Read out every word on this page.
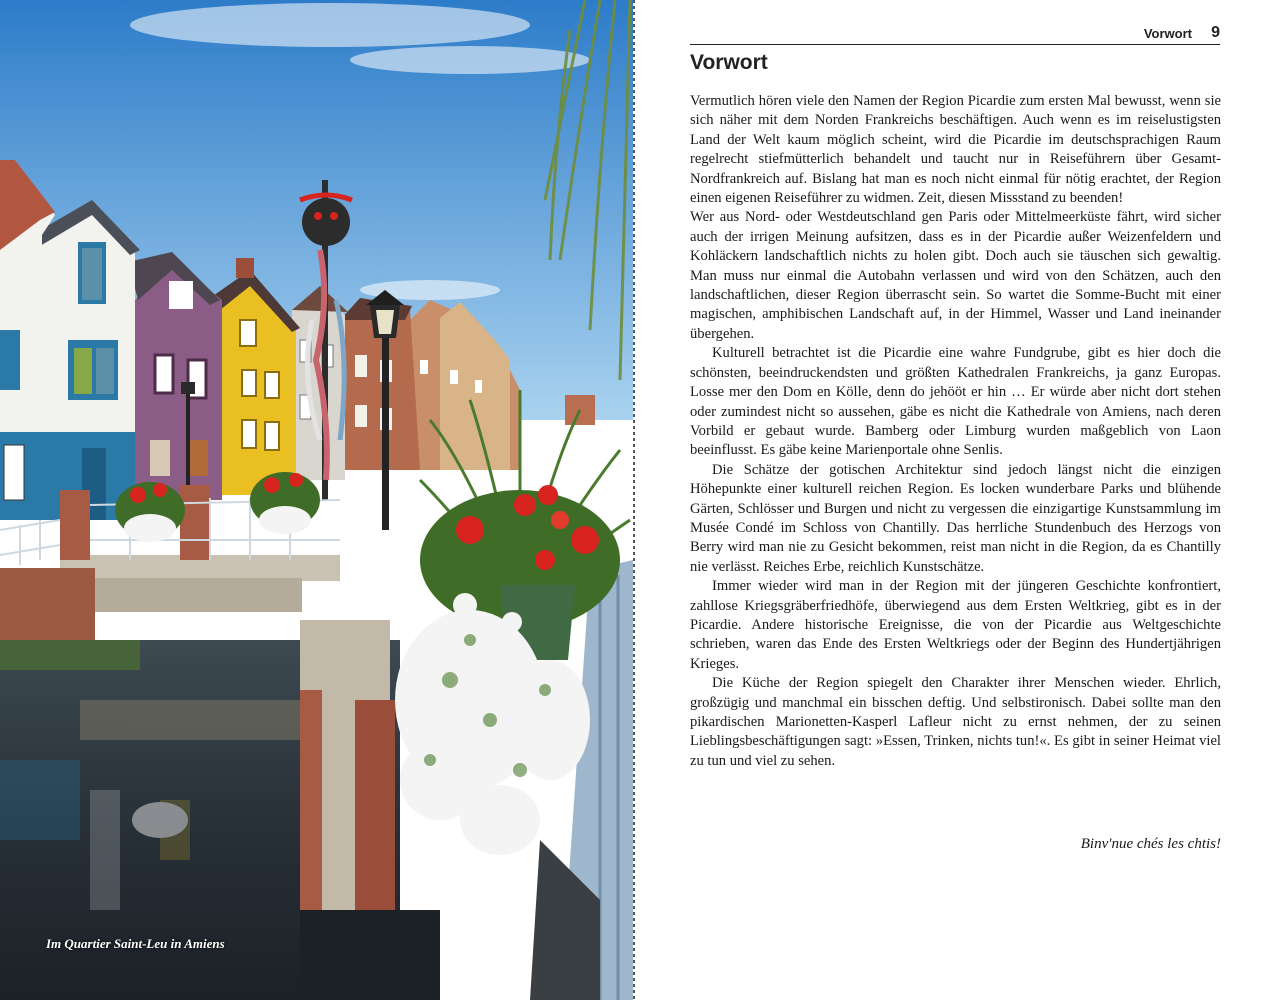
Im Quartier Saint-Leu in Amiens
Vorwort 9
Vorwort

Vermutlich hören viele den Namen der Region Picardie zum ersten Mal bewusst, wenn sie sich näher mit dem Norden Frankreichs beschäftigen. Auch wenn es im reiselustigsten Land der Welt kaum möglich scheint, wird die Picardie im deutschsprachigen Raum regelrecht stiefmütterlich behandelt und taucht nur in Reiseführern über Gesamt-Nordfrankreich auf. Bislang hat man es noch nicht einmal für nötig erachtet, der Region einen eigenen Reiseführer zu widmen. Zeit, diesen Missstand zu beenden!

Wer aus Nord- oder Westdeutschland gen Paris oder Mittelmeerküste fährt, wird sicher auch der irrigen Meinung aufsitzen, dass es in der Picardie außer Weizenfeldern und Kohläckern landschaftlich nichts zu holen gibt. Doch auch sie täuschen sich gewaltig. Man muss nur einmal die Autobahn verlassen und wird von den Schätzen, auch den landschaftlichen, dieser Region überrascht sein. So wartet die Somme-Bucht mit einer magischen, amphibischen Landschaft auf, in der Himmel, Wasser und Land ineinander übergehen.

Kulturell betrachtet ist die Picardie eine wahre Fundgrube, gibt es hier doch die schönsten, beeindruckendsten und größten Kathedralen Frankreichs, ja ganz Europas. Losse mer den Dom en Kölle, denn do jehööt er hin … Er würde aber nicht dort stehen oder zumindest nicht so aussehen, gäbe es nicht die Kathedrale von Amiens, nach deren Vorbild er gebaut wurde. Bamberg oder Limburg wurden maßgeblich von Laon beeinflusst. Es gäbe keine Marienportale ohne Senlis.

Die Schätze der gotischen Architektur sind jedoch längst nicht die einzigen Höhepunkte einer kulturell reichen Region. Es locken wunderbare Parks und blühende Gärten, Schlösser und Burgen und nicht zu vergessen die einzigartige Kunstsammlung im Musée Condé im Schloss von Chantilly. Das herrliche Stundenbuch des Herzogs von Berry wird man nie zu Gesicht bekommen, reist man nicht in die Region, da es Chantilly nie verlässt. Reiches Erbe, reichlich Kunstschätze.

Immer wieder wird man in der Region mit der jüngeren Geschichte konfrontiert, zahllose Kriegsgräberfriedhöfe, überwiegend aus dem Ersten Weltkrieg, gibt es in der Picardie. Andere historische Ereignisse, die von der Picardie aus Weltgeschichte schrieben, waren das Ende des Ersten Weltkriegs oder der Beginn des Hundertjährigen Krieges.

Die Küche der Region spiegelt den Charakter ihrer Menschen wieder. Ehrlich, großzügig und manchmal ein bisschen deftig. Und selbstironisch. Dabei sollte man den pikardischen Marionetten-Kasperl Lafleur nicht zu ernst nehmen, der zu seinen Lieblingsbeschäftigungen sagt: »Essen, Trinken, nichts tun!«. Es gibt in seiner Heimat viel zu tun und viel zu sehen.

Binv'nue chés les chtis!
